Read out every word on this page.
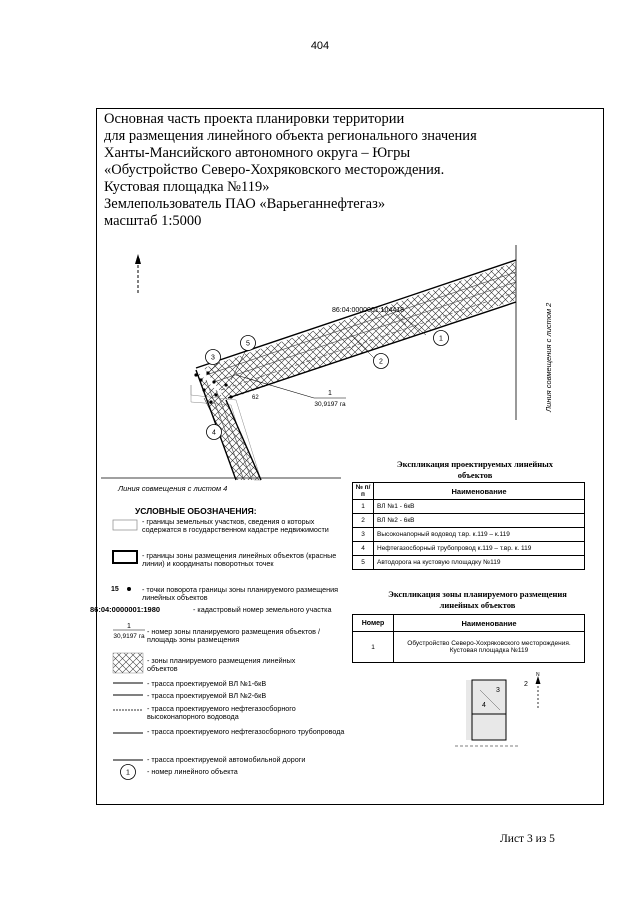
404
Основная часть проекта планировки территории
для размещения линейного объекта регионального значения
Ханты-Мансийского автономного округа – Югры
«Обустройство Северо-Хохряковского месторождения.
Кустовая площадка №119»
Землепользователь ПАО «Варьеганнефтегаз»
масштаб 1:5000
N
Линия совмещения с листом 2
Линия совмещения с листом 4
86:04:0000001:104418
1
30,9197 га
62
1
2
3
4
5
УСЛОВНЫЕ ОБОЗНАЧЕНИЯ:
15
86:04:0000001:1980
1
30,9197 га
1
- границы земельных участков, сведения о которых содержатся в государственном кадастре недвижимости
- границы зоны размещения линейных объектов (красные линии) и координаты поворотных точек
- точки поворота границы зоны планируемого размещения линейных объектов
- кадастровый номер земельного участка
- номер зоны планируемого размещения объектов /площадь зоны размещения
- зоны планируемого размещения линейных объектов
- трасса проектируемой ВЛ №1-6кВ
- трасса проектируемой ВЛ №2-6кВ
- трасса проектируемого нефтегазосборного высоконапорного водовода
- трасса проектируемого нефтегазосборного трубопровода
- трасса проектируемой автомобильной дороги
- номер линейного объекта
Экспликация проектируемых линейных объектов
№ п/п	Наименование
1	ВЛ №1 - 6кВ
2	ВЛ №2 - 6кВ
3	Высоконапорный водовод т.вр. к.119 – к.119
4	Нефтегазосборный трубопровод к.119 – т.вр. к. 119
5	Автодорога на кустовую площадку №119
Экспликация зоны планируемого размещения линейных объектов
Номер	Наименование
1	Обустройство Северо-Хохряковского месторождения. Кустовая площадка №119
3
4
2
N
Лист 3 из 5
